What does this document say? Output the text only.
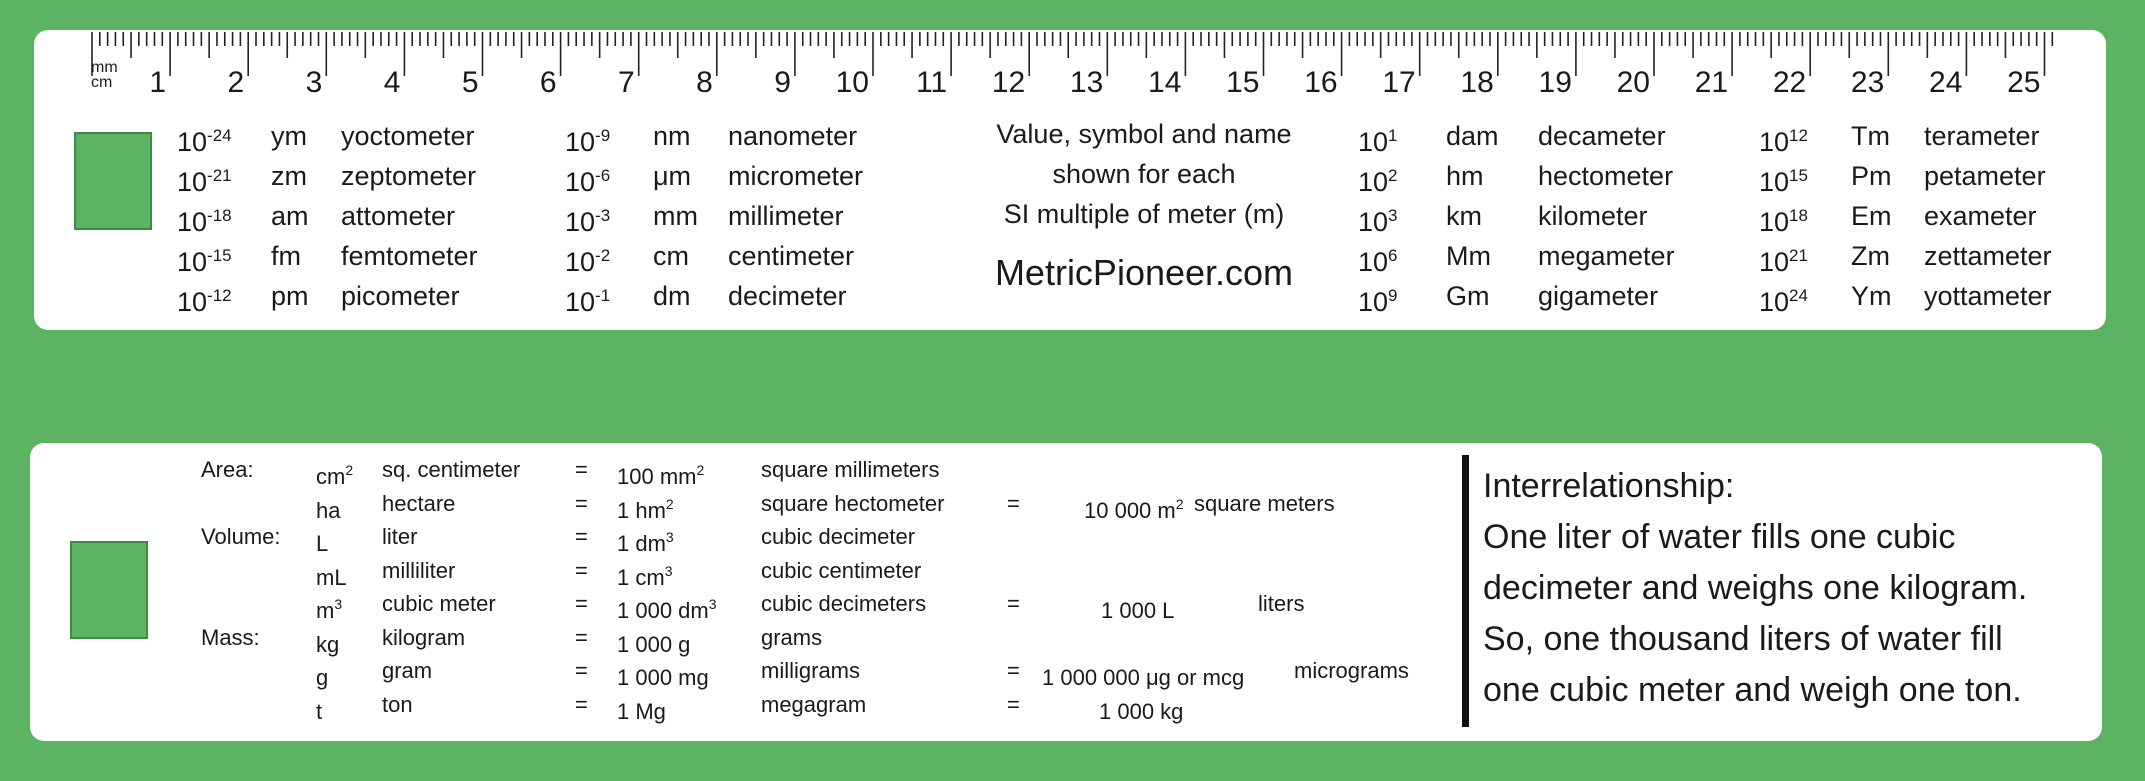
mm
cm 1 2 3 4 5 6 7 8 9 10 11 12 13 14 15 16 17 18 19 20 21 22 23 24 25
$10^{-24}$ ym yoctometer
$10^{-21}$ zm zeptometer
$10^{-18}$ am attometer
$10^{-15}$ fm femtometer
$10^{-12}$ pm picometer
$10^{-9}$ nm nanometer
$10^{-6}$ μm micrometer
$10^{-3}$ mm millimeter
$10^{-2}$ cm centimeter
$10^{-1}$ dm decimeter
$10^1$ dam decameter
$10^2$ hm hectometer
$10^3$ km kilometer
$10^6$ Mm megameter
$10^9$ Gm gigameter
$10^{12}$ Tm terameter
$10^{15}$ Pm petameter
$10^{18}$ Em exameter
$10^{21}$ Zm zettameter
$10^{24}$ Ym yottameter
Value, symbol and name
shown for each
SI multiple of meter (m)
MetricPioneer.com
Area:	$cm^2$ sq. centimeter = 100 $mm^2$	square millimeters
ha hectare	= 1 $hm^2$	square hectometer	=	10 000 $m^2$ square meters
Volume: L liter	= 1 $dm^3$	cubic decimeter
mL milliliter	= 1 $cm^3$	cubic centimeter
$m^3$ cubic meter	= 1 000 $dm^3$ cubic decimeters	=	1 000 L	liters
Mass:	kg kilogram	= 1 000 g	grams
g gram	= 1 000 mg milligrams	= 1 000 000 μg or mcg micrograms
t	ton	= 1 Mg	megagram	=	1 000 kg
Interrelationship:
One liter of water fills one cubic
decimeter and weighs one kilogram.
So, one thousand liters of water fill
one cubic meter and weigh one ton.
